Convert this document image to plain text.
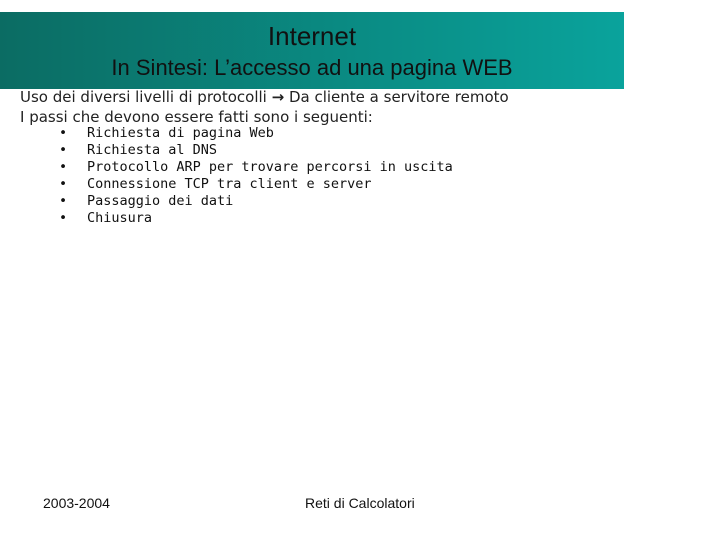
Internet
In Sintesi: L’accesso ad una pagina WEB
Uso dei diversi livelli di protocolli → Da cliente a servitore remoto
I passi che devono essere fatti sono i seguenti:
• Richiesta di pagina Web
• Richiesta al DNS
• Protocollo ARP per trovare percorsi in uscita
• Connessione TCP tra client e server
• Passaggio dei dati
• Chiusura
2003-2004	Reti di Calcolatori
